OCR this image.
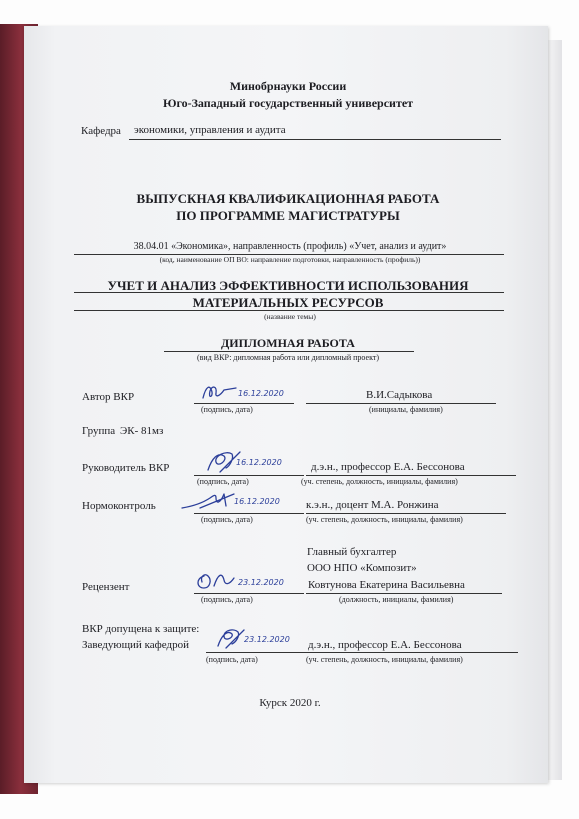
Минобрнауки России
Юго-Западный государственный университет
Кафедра экономики, управления и аудита
ВЫПУСКНАЯ КВАЛИФИКАЦИОННАЯ РАБОТА
ПО ПРОГРАММЕ МАГИСТРАТУРЫ
38.04.01 «Экономика», направленность (профиль) «Учет, анализ и аудит»
(код, наименование ОП ВО: направление подготовки, направленность (профиль))
УЧЕТ И АНАЛИЗ ЭФФЕКТИВНОСТИ ИСПОЛЬЗОВАНИЯ
МАТЕРИАЛЬНЫХ РЕСУРСОВ
(название темы)
ДИПЛОМНАЯ РАБОТА
(вид ВКР: дипломная работа или дипломный проект)
Автор ВКР	16.12.2020	В.И.Садыкова
(подпись, дата)	(инициалы, фамилия)
Группа ЭК- 81мз
Руководитель ВКР	16.12.2020	д.э.н., профессор Е.А. Бессонова
(подпись, дата)	(уч. степень, должность, инициалы, фамилия)
Нормоконтроль	16.12.2020 к.э.н., доцент М.А. Ронжина
(подпись, дата)	(уч. степень, должность, инициалы, фамилия)
Главный бухгалтер
ООО НПО «Композит»
Рецензент	23.12.2020 Ковтунова Екатерина Васильевна
(подпись, дата)	(должность, инициалы, фамилия)
ВКР допущена к защите:
Заведующий кафедрой	23.12.2020 д.э.н., профессор Е.А. Бессонова
(подпись, дата)	(уч. степень, должность, инициалы, фамилия)
Курск 2020 г.
